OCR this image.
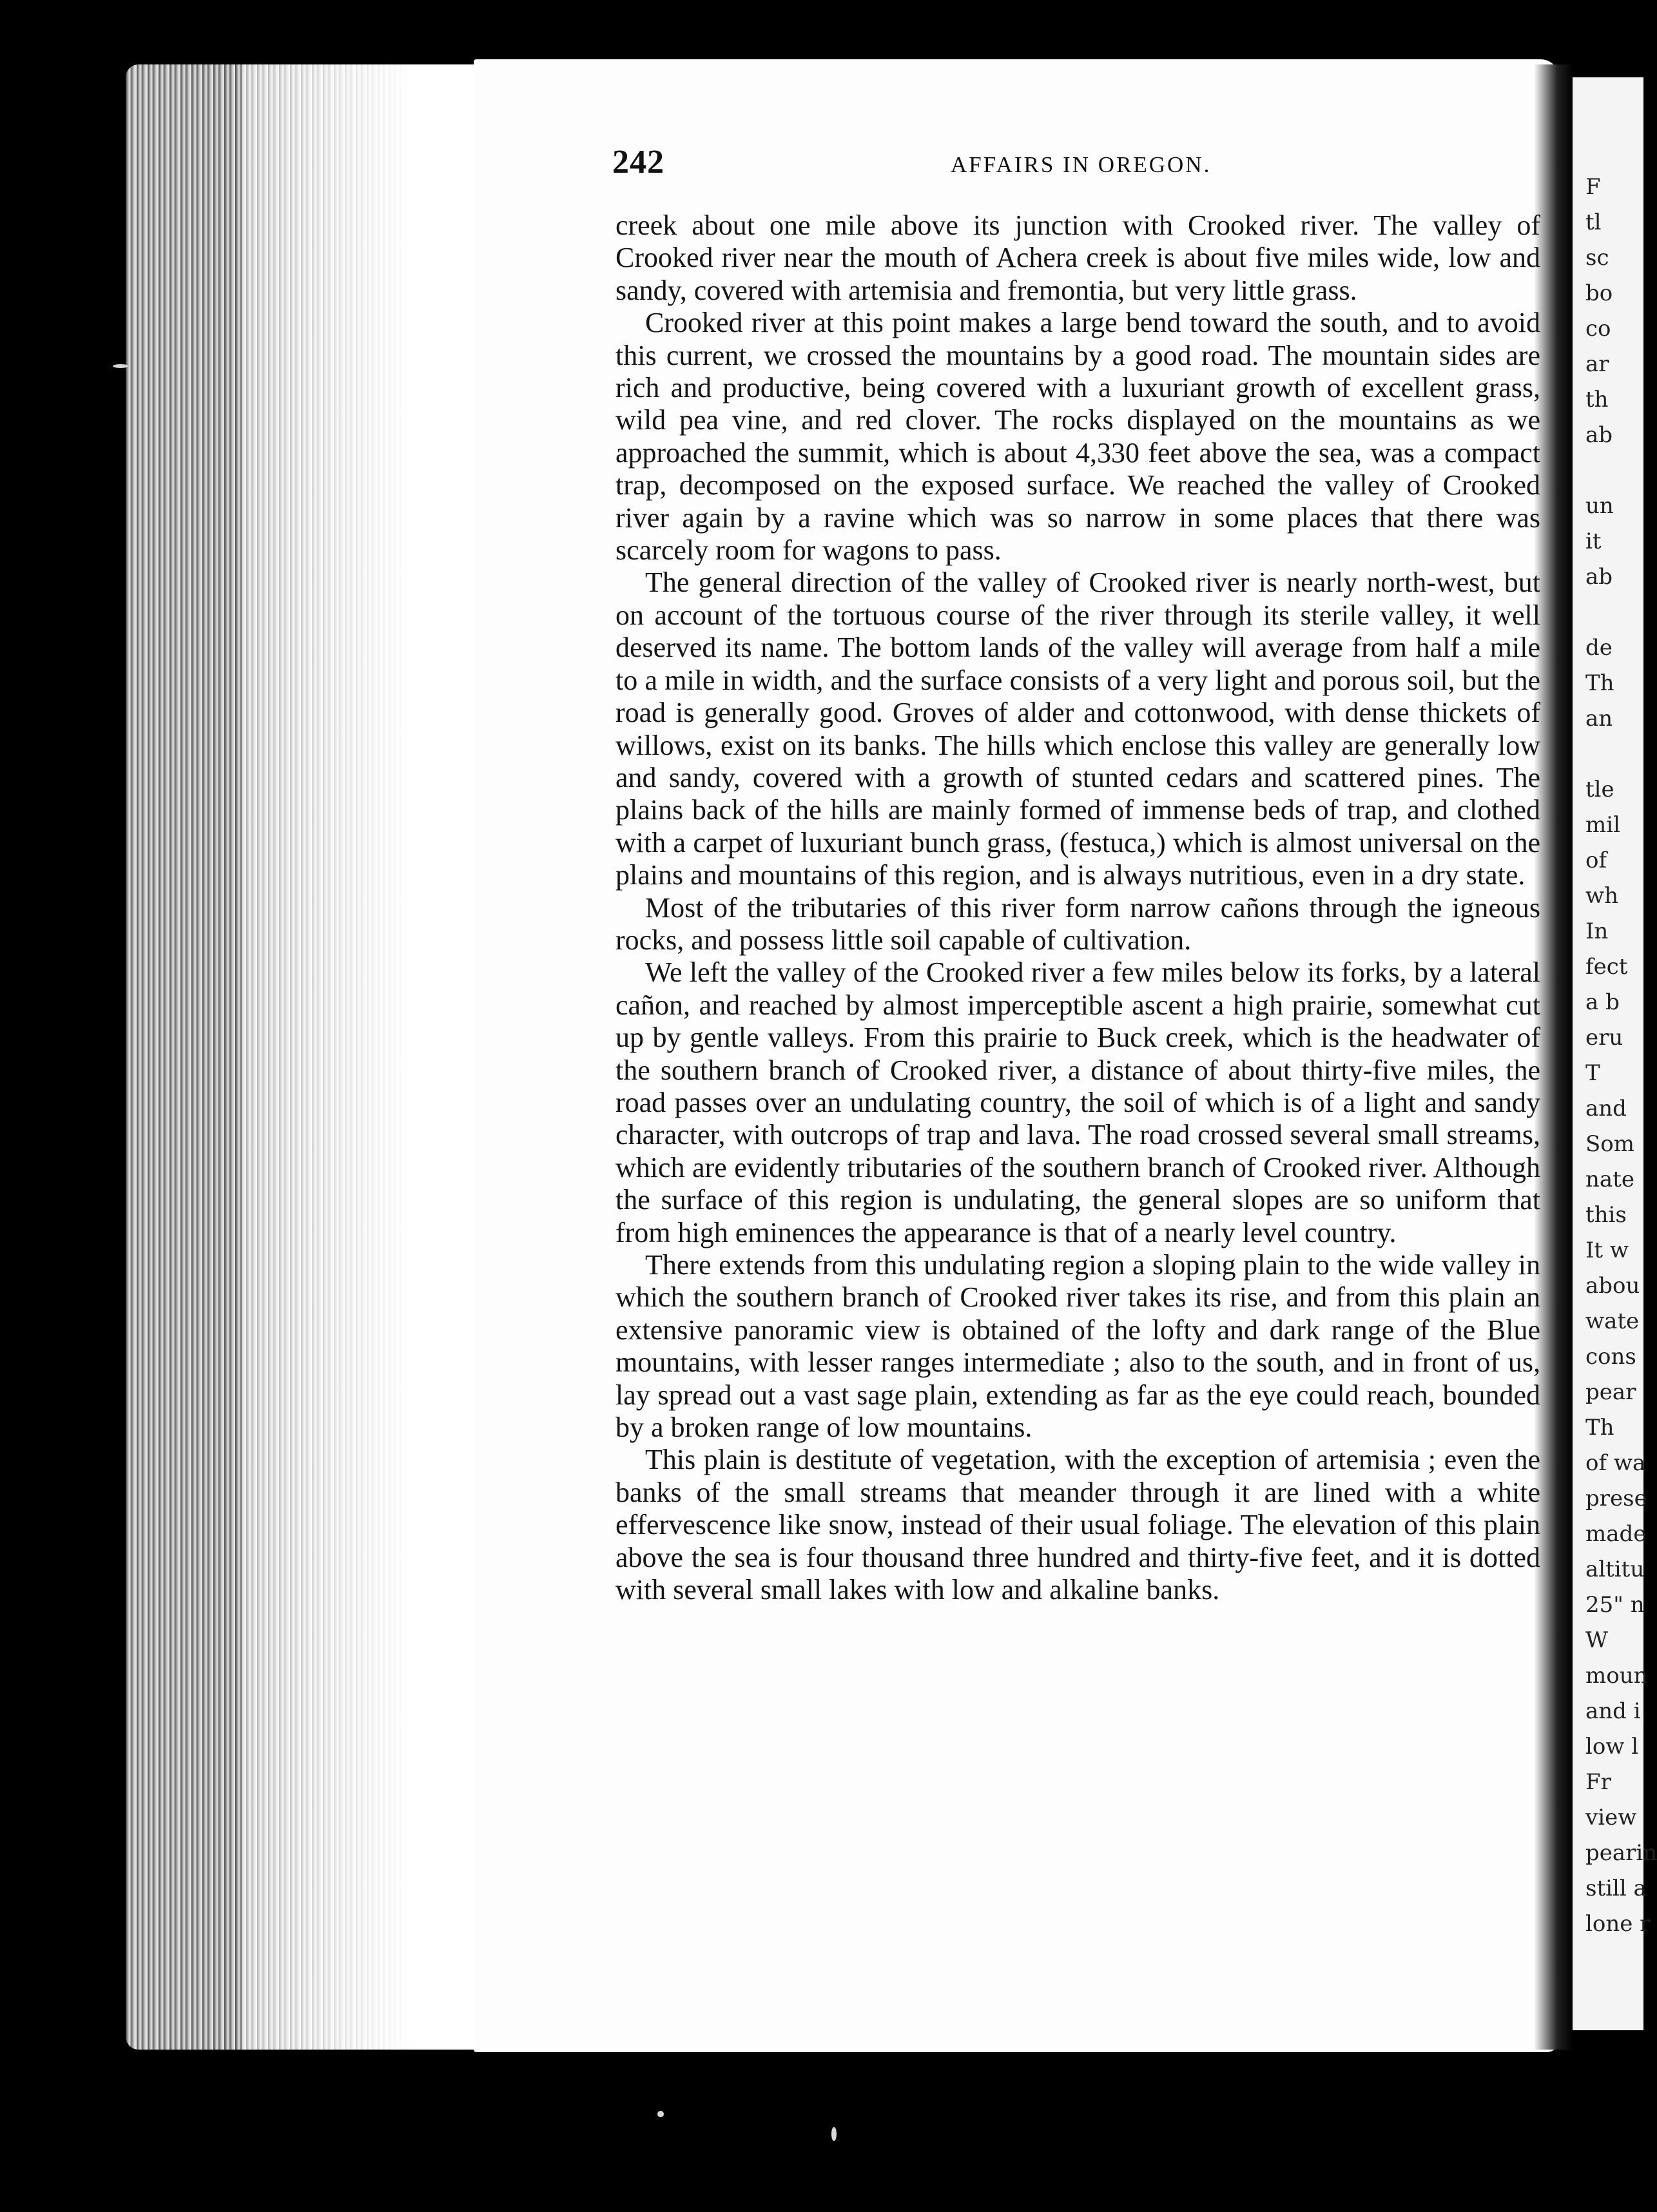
F
tl
sc
bo
co
ar
th
ab
un
it
ab
de
Th
an
tle
mil
of
wh
In
fect
a b
eru
T
and
Som
nate
this
It w
abou
wate
cons
pear
Th
of wa
prese
made
altitu
25" n
W
moun
and i
low l
Fr
view
pearin
still a
lone r
242	AFFAIRS IN OREGON.

creek about one mile above its junction with Crooked river. The valley of Crooked river near the mouth of Achera creek is about five miles wide, low and sandy, covered with artemisia and fremontia, but very little grass.

Crooked river at this point makes a large bend toward the south, and to avoid this current, we crossed the mountains by a good road. The mountain sides are rich and productive, being covered with a luxuriant growth of excellent grass, wild pea vine, and red clover. The rocks displayed on the mountains as we approached the summit, which is about 4,330 feet above the sea, was a compact trap, decomposed on the exposed surface. We reached the valley of Crooked river again by a ravine which was so narrow in some places that there was scarcely room for wagons to pass.

The general direction of the valley of Crooked river is nearly north-west, but on account of the tortuous course of the river through its sterile valley, it well deserved its name. The bottom lands of the valley will average from half a mile to a mile in width, and the surface consists of a very light and porous soil, but the road is generally good. Groves of alder and cottonwood, with dense thickets of willows, exist on its banks. The hills which enclose this valley are generally low and sandy, covered with a growth of stunted cedars and scattered pines. The plains back of the hills are mainly formed of immense beds of trap, and clothed with a carpet of luxuriant bunch grass, (festuca,) which is almost universal on the plains and mountains of this region, and is always nutritious, even in a dry state.

Most of the tributaries of this river form narrow cañons through the igneous rocks, and possess little soil capable of cultivation.

We left the valley of the Crooked river a few miles below its forks, by a lateral cañon, and reached by almost imperceptible ascent a high prairie, somewhat cut up by gentle valleys. From this prairie to Buck creek, which is the headwater of the southern branch of Crooked river, a distance of about thirty-five miles, the road passes over an undulating country, the soil of which is of a light and sandy character, with outcrops of trap and lava. The road crossed several small streams, which are evidently tributaries of the southern branch of Crooked river. Although the surface of this region is undulating, the general slopes are so uniform that from high eminences the appearance is that of a nearly level country.

There extends from this undulating region a sloping plain to the wide valley in which the southern branch of Crooked river takes its rise, and from this plain an extensive panoramic view is obtained of the lofty and dark range of the Blue mountains, with lesser ranges intermediate ; also to the south, and in front of us, lay spread out a vast sage plain, extending as far as the eye could reach, bounded by a broken range of low mountains.

This plain is destitute of vegetation, with the exception of artemisia ; even the banks of the small streams that meander through it are lined with a white effervescence like snow, instead of their usual foliage. The elevation of this plain above the sea is four thousand three hundred and thirty-five feet, and it is dotted with several small lakes with low and alkaline banks.
